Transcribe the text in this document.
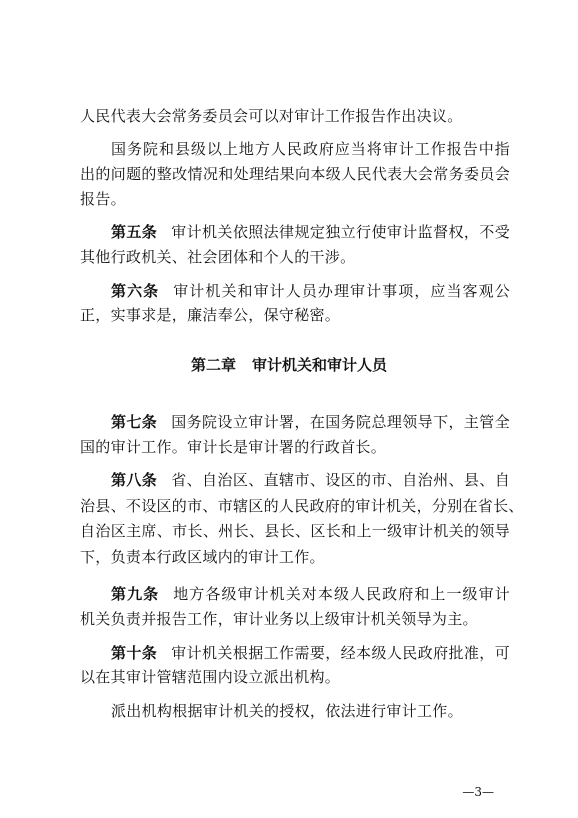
人民代表大会常务委员会可以对审计工作报告作出决议。
国务院和县级以上地方人民政府应当将审计工作报告中指
出的问题的整改情况和处理结果向本级人民代表大会常务委员会
报告。
第五条 审计机关依照法律规定独立行使审计监督权，不受
其他行政机关、社会团体和个人的干涉。
第六条 审计机关和审计人员办理审计事项，应当客观公
正，实事求是，廉洁奉公，保守秘密。
第二章 审计机关和审计人员
第七条 国务院设立审计署，在国务院总理领导下，主管全
国的审计工作。审计长是审计署的行政首长。
第八条 省、自治区、直辖市、设区的市、自治州、县、自
治县、不设区的市、市辖区的人民政府的审计机关，分别在省长、
自治区主席、市长、州长、县长、区长和上一级审计机关的领导
下，负责本行政区域内的审计工作。
第九条 地方各级审计机关对本级人民政府和上一级审计
机关负责并报告工作，审计业务以上级审计机关领导为主。
第十条 审计机关根据工作需要，经本级人民政府批准，可
以在其审计管辖范围内设立派出机构。
派出机构根据审计机关的授权，依法进行审计工作。
—3—
